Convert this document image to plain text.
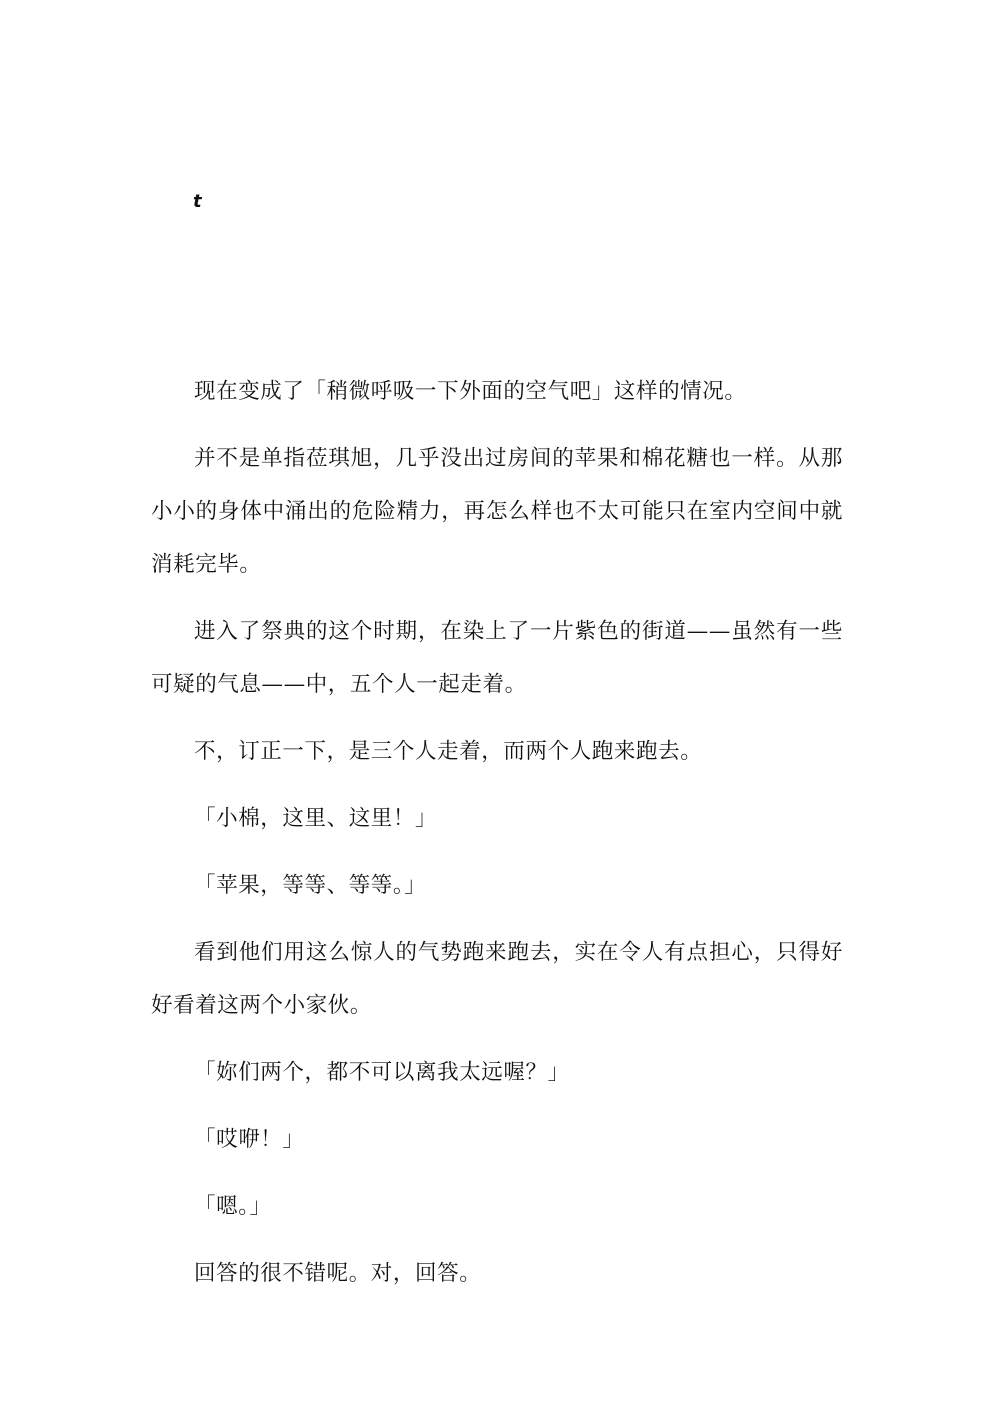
t

现在变成了「稍微呼吸一下外面的空气吧」这样的情况。

并不是单指莅琪旭，几乎没出过房间的苹果和棉花糖也一样。从那小小的身体中涌出的危险精力，再怎么样也不太可能只在室内空间中就消耗完毕。

进入了祭典的这个时期，在染上了一片紫色的街道——虽然有一些可疑的气息——中，五个人一起走着。

不，订正一下，是三个人走着，而两个人跑来跑去。

「小棉，这里、这里！」

「苹果，等等、等等。」

看到他们用这么惊人的气势跑来跑去，实在令人有点担心，只得好好看着这两个小家伙。

「妳们两个，都不可以离我太远喔？」

「哎咿！」

「嗯。」

回答的很不错呢。对，回答。
